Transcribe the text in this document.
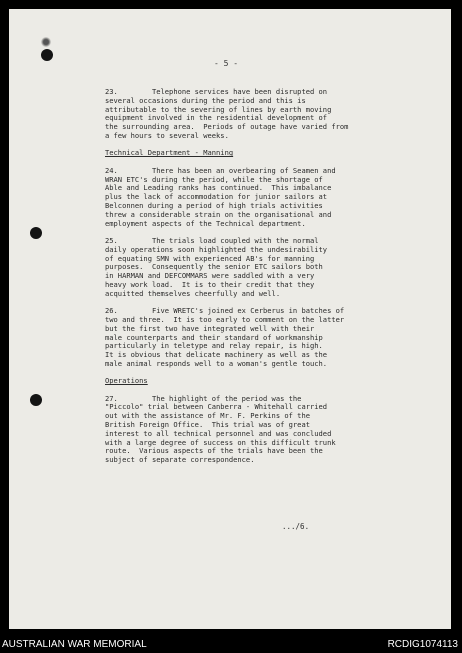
- 5 -
23.        Telephone services have been disrupted on
several occasions during the period and this is
attributable to the severing of lines by earth moving
equipment involved in the residential development of
the surrounding area.  Periods of outage have varied from
a few hours to several weeks.
Technical Department - Manning
24.        There has been an overbearing of Seamen and
WRAN ETC's during the period, while the shortage of
Able and Leading ranks has continued.  This imbalance
plus the lack of accommodation for junior sailors at
Belconnen during a period of high trials activities
threw a considerable strain on the organisational and
employment aspects of the Technical department.
25.        The trials load coupled with the normal
daily operations soon highlighted the undesirability
of equating SMN with experienced AB's for manning
purposes.  Consequently the senior ETC sailors both
in HARMAN and DEFCOMMARS were saddled with a very
heavy work load.  It is to their credit that they
acquitted themselves cheerfully and well.
26.        Five WRETC's joined ex Cerberus in batches of
two and three.  It is too early to comment on the latter
but the first two have integrated well with their
male counterparts and their standard of workmanship
particularly in teletype and relay repair, is high.
It is obvious that delicate machinery as well as the
male animal responds well to a woman's gentle touch.
Operations
27.        The highlight of the period was the
"Piccolo" trial between Canberra - Whitehall carried
out with the assistance of Mr. F. Perkins of the
British Foreign Office.  This trial was of great
interest to all technical personnel and was concluded
with a large degree of success on this difficult trunk
route.  Various aspects of the trials have been the
subject of separate correspondence.
.../6.
AUSTRALIAN WAR MEMORIAL	RCDIG1074113
